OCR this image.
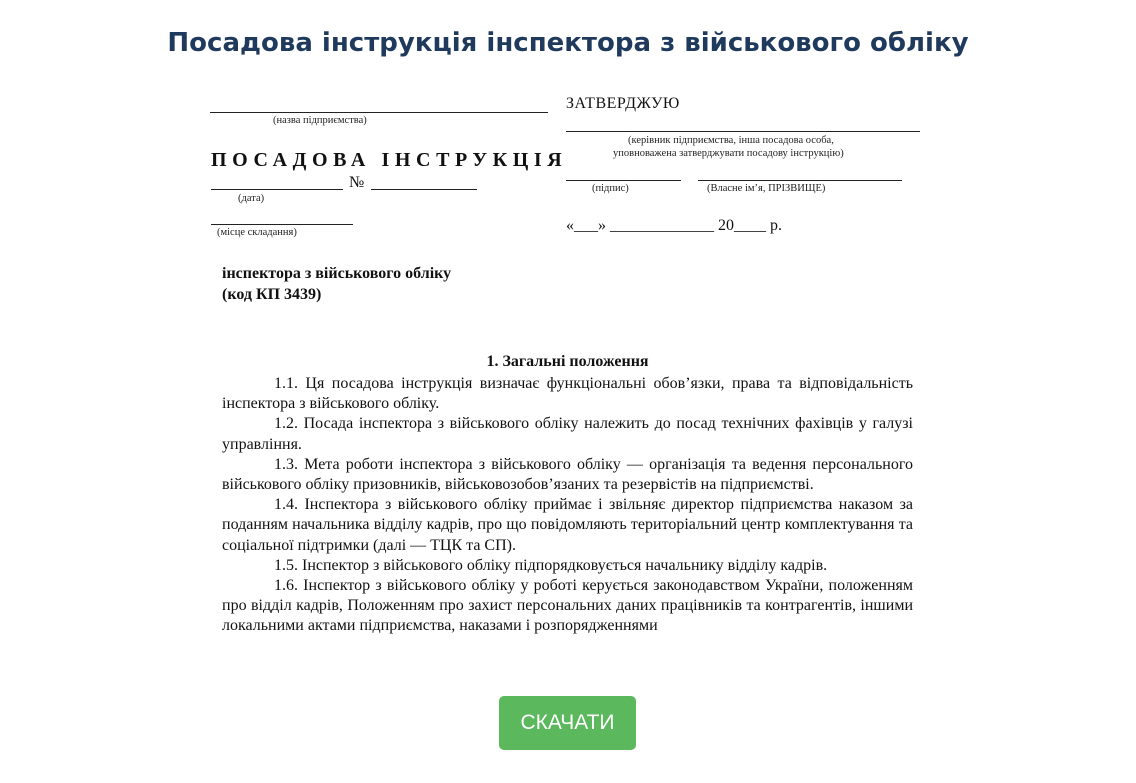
Посадова інструкція інспектора з військового обліку
(назва підприємства)
ПОСАДОВА ІНСТРУКЦІЯ
№
(дата)
(місце складання)
ЗАТВЕРДЖУЮ
(керівник підприємства, інша посадова особа,
уповноважена затверджувати посадову інструкцію)
(підпис)	(Власне ім’я, ПРІЗВИЩЕ)
«___» _____________ 20____ р.
інспектора з військового обліку
(код КП 3439)
1. Загальні положення

1.1. Ця посадова інструкція визначає функціональні обов’язки, права та відповідальність інспектора з військового обліку.

1.2. Посада інспектора з військового обліку належить до посад технічних фахівців у галузі управління.

1.3. Мета роботи інспектора з військового обліку — організація та ведення персонального військового обліку призовників, військовозобов’язаних та резервістів на підприємстві.

1.4. Інспектора з військового обліку приймає і звільняє директор підприємства наказом за поданням начальника відділу кадрів, про що повідомляють територіальний центр комплектування та соціальної підтримки (далі — ТЦК та СП).

1.5. Інспектор з військового обліку підпорядковується начальнику відділу кадрів.

1.6. Інспектор з військового обліку у роботі керується законодавством України, положенням про відділ кадрів, Положенням про захист персональних даних працівників та контрагентів, іншими локальними актами підприємства, наказами і розпорядженнями

СКАЧАТИ
